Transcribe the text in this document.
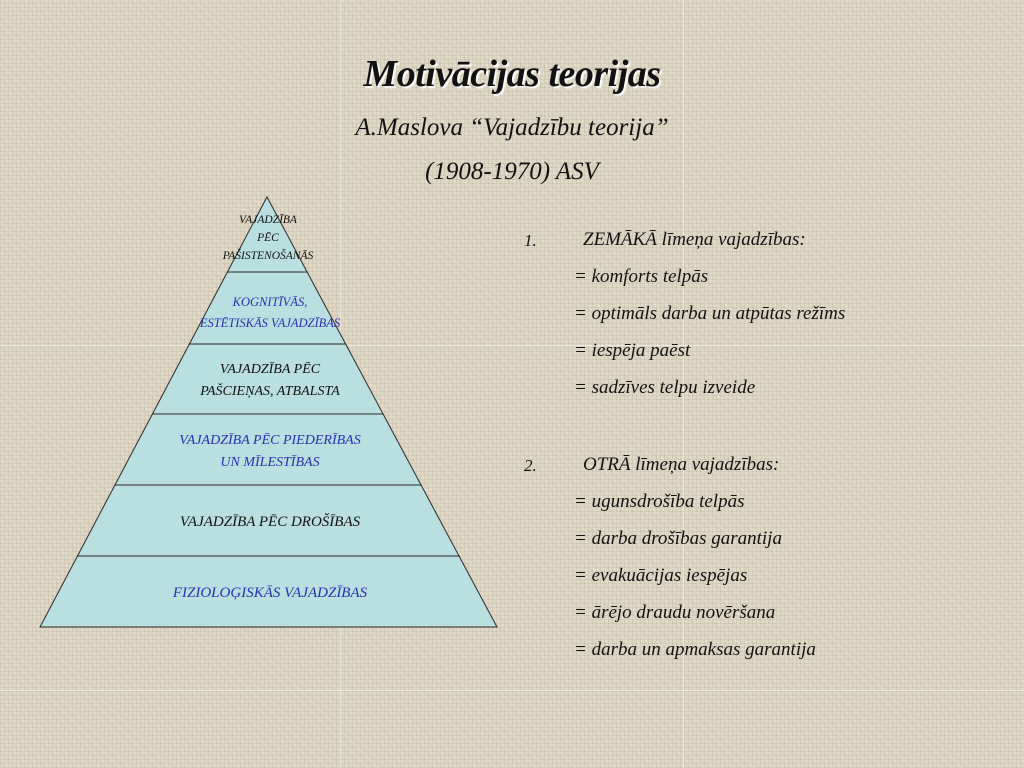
Motivācijas teorijas
A.Maslova “Vajadzību teorija”
(1908-1970) ASV
VAJADZĪBA
PĒC
PAŠISTENOŠANĀS
KOGNITĪVĀS,
ESTĒTISKĀS VAJADZĪBAS
VAJADZĪBA PĒC
PAŠCIEŅAS, ATBALSTA
VAJADZĪBA PĒC PIEDERĪBAS
UN MĪLESTĪBAS
VAJADZĪBA PĒC DROŠĪBAS
FIZIOLOĢISKĀS VAJADZĪBAS
1. ZEMĀKĀ līmeņa vajadzības:
= komforts telpās
= optimāls darba un atpūtas režīms
= iespēja paēst
= sadzīves telpu izveide
2. OTRĀ līmeņa vajadzības:
= ugunsdrošība telpās
= darba drošības garantija
= evakuācijas iespējas
= ārējo draudu novēršana
= darba un apmaksas garantija
